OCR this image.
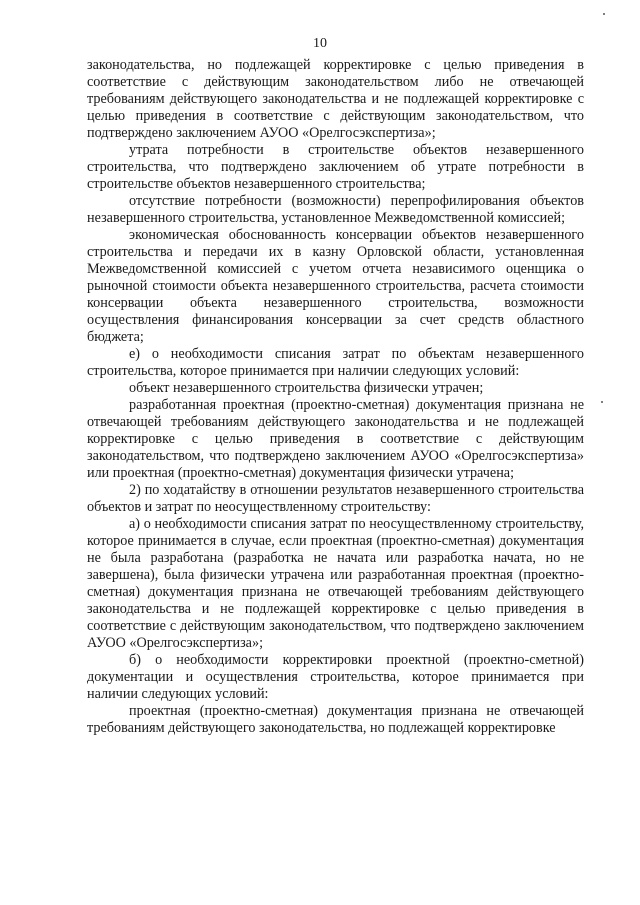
10

законодательства, но подлежащей корректировке с целью приведения в соответствие с действующим законодательством либо не отвечающей требованиям действующего законодательства и не подлежащей корректировке с целью приведения в соответствие с действующим законодательством, что подтверждено заключением АУОО «Орелгосэкспертиза»;

утрата потребности в строительстве объектов незавершенного строительства, что подтверждено заключением об утрате потребности в строительстве объектов незавершенного строительства;

отсутствие потребности (возможности) перепрофилирования объектов незавершенного строительства, установленное Межведомственной комиссией;

экономическая обоснованность консервации объектов незавершенного строительства и передачи их в казну Орловской области, установленная Межведомственной комиссией с учетом отчета независимого оценщика о рыночной стоимости объекта незавершенного строительства, расчета стоимости консервации объекта незавершенного строительства, возможности осуществления финансирования консервации за счет средств областного бюджета;

е) о необходимости списания затрат по объектам незавершенного строительства, которое принимается при наличии следующих условий:

объект незавершенного строительства физически утрачен;

разработанная проектная (проектно-сметная) документация признана не отвечающей требованиям действующего законодательства и не подлежащей корректировке с целью приведения в соответствие с действующим законодательством, что подтверждено заключением АУОО «Орелгосэкспертиза» или проектная (проектно-сметная) документация физически утрачена;

2) по ходатайству в отношении результатов незавершенного строительства объектов и затрат по неосуществленному строительству:

а) о необходимости списания затрат по неосуществленному строительству, которое принимается в случае, если проектная (проектно-сметная) документация не была разработана (разработка не начата или разработка начата, но не завершена), была физически утрачена или разработанная проектная (проектно-сметная) документация признана не отвечающей требованиям действующего законодательства и не подлежащей корректировке с целью приведения в соответствие с действующим законодательством, что подтверждено заключением АУОО «Орелгосэкспертиза»;

б) о необходимости корректировки проектной (проектно-сметной) документации и осуществления строительства, которое принимается при наличии следующих условий:

проектная (проектно-сметная) документация признана не отвечающей требованиям действующего законодательства, но подлежащей корректировке
